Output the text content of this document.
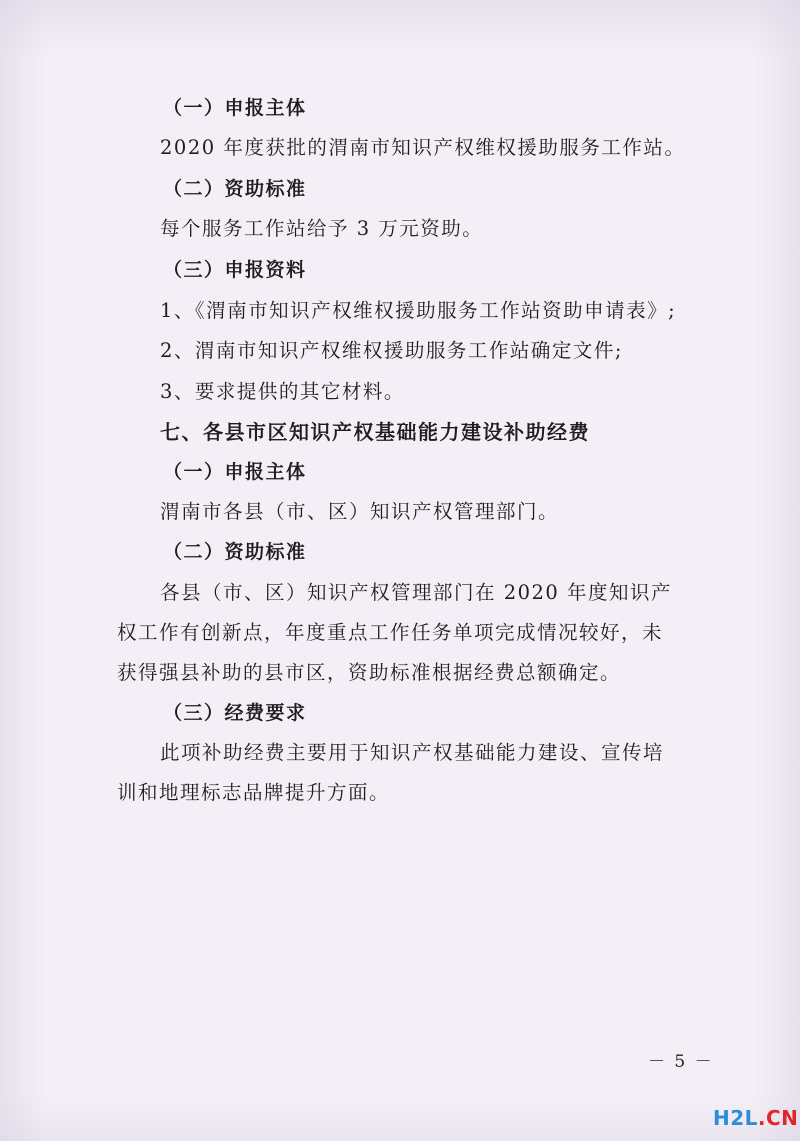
（一）申报主体
2020 年度获批的渭南市知识产权维权援助服务工作站。
（二）资助标准
每个服务工作站给予 3 万元资助。
（三）申报资料
1、《渭南市知识产权维权援助服务工作站资助申请表》;
2、渭南市知识产权维权援助服务工作站确定文件;
3、要求提供的其它材料。
七、各县市区知识产权基础能力建设补助经费
（一）申报主体
渭南市各县（市、区）知识产权管理部门。
（二）资助标准
各县（市、区）知识产权管理部门在 2020 年度知识产
权工作有创新点，年度重点工作任务单项完成情况较好，未
获得强县补助的县市区，资助标准根据经费总额确定。
（三）经费要求
此项补助经费主要用于知识产权基础能力建设、宣传培
训和地理标志品牌提升方面。
－ 5 －
H2L.CN
